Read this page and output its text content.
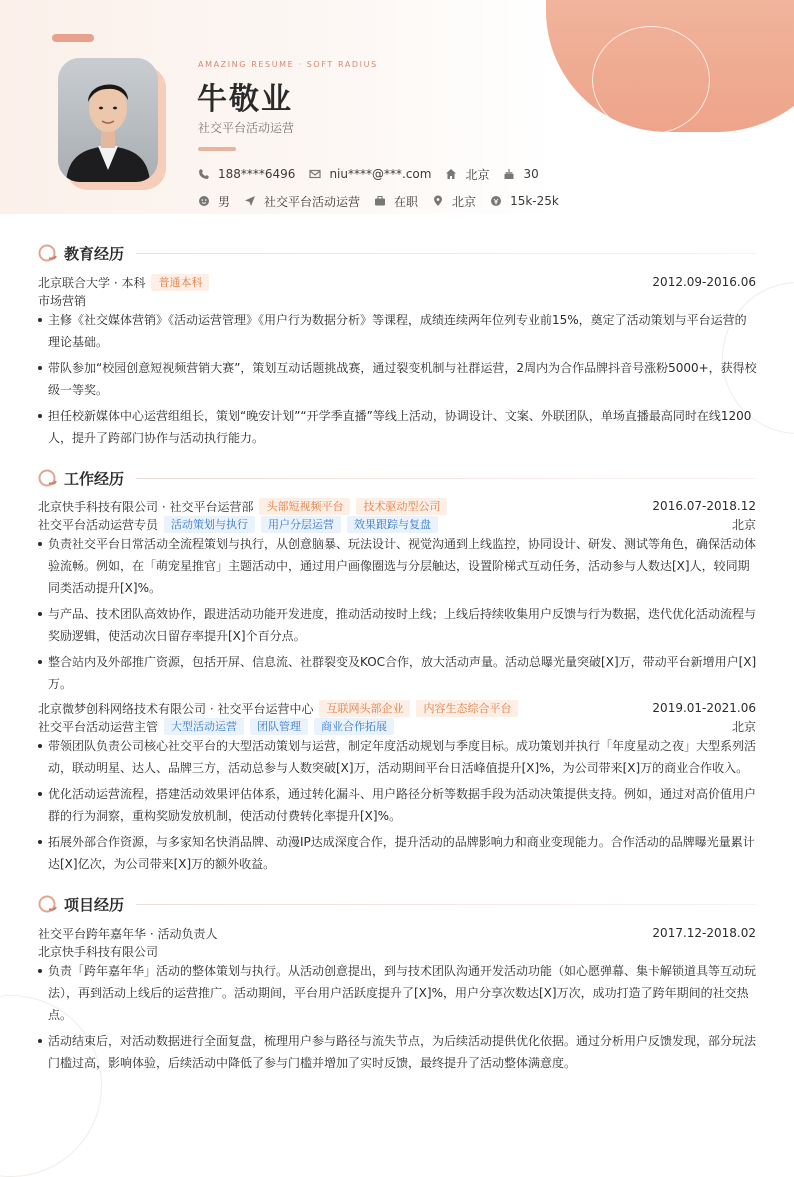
AMAZING RESUME · SOFT RADIUS
牛敬业
社交平台活动运营
188****6496	niu****@***.com	北京	30
男	社交平台活动运营	在职	北京	15k-25k
教育经历
北京联合大学 · 本科	普通本科	2012.09-2016.06
市场营销
主修《社交媒体营销》《活动运营管理》《用户行为数据分析》等课程，成绩连续两年位列专业前15%，奠定了活动策划与平台运营的理论基础。
带队参加“校园创意短视频营销大赛”，策划互动话题挑战赛，通过裂变机制与社群运营，2周内为合作品牌抖音号涨粉5000+，获得校级一等奖。
担任校新媒体中心运营组组长，策划“晚安计划”“开学季直播”等线上活动，协调设计、文案、外联团队，单场直播最高同时在线1200人，提升了跨部门协作与活动执行能力。
工作经历
北京快手科技有限公司 · 社交平台运营部	头部短视频平台	技术驱动型公司	2016.07-2018.12
社交平台活动运营专员	活动策划与执行	用户分层运营	效果跟踪与复盘	北京
负责社交平台日常活动全流程策划与执行，从创意脑暴、玩法设计、视觉沟通到上线监控，协同设计、研发、测试等角色，确保活动体验流畅。例如，在「萌宠星推官」主题活动中，通过用户画像圈选与分层触达，设置阶梯式互动任务，活动参与人数达[X]人，较同期同类活动提升[X]%。
与产品、技术团队高效协作，跟进活动功能开发进度，推动活动按时上线；上线后持续收集用户反馈与行为数据，迭代优化活动流程与奖励逻辑，使活动次日留存率提升[X]个百分点。
整合站内及外部推广资源，包括开屏、信息流、社群裂变及KOC合作，放大活动声量。活动总曝光量突破[X]万，带动平台新增用户[X]万。
北京微梦创科网络技术有限公司 · 社交平台运营中心	互联网头部企业	内容生态综合平台	2019.01-2021.06
社交平台活动运营主管	大型活动运营	团队管理	商业合作拓展	北京
带领团队负责公司核心社交平台的大型活动策划与运营，制定年度活动规划与季度目标。成功策划并执行「年度星动之夜」大型系列活动，联动明星、达人、品牌三方，活动总参与人数突破[X]万，活动期间平台日活峰值提升[X]%，为公司带来[X]万的商业合作收入。
优化活动运营流程，搭建活动效果评估体系，通过转化漏斗、用户路径分析等数据手段为活动决策提供支持。例如，通过对高价值用户群的行为洞察，重构奖励发放机制，使活动付费转化率提升[X]%。
拓展外部合作资源，与多家知名快消品牌、动漫IP达成深度合作，提升活动的品牌影响力和商业变现能力。合作活动的品牌曝光量累计达[X]亿次，为公司带来[X]万的额外收益。
项目经历
社交平台跨年嘉年华 · 活动负责人	2017.12-2018.02
北京快手科技有限公司
负责「跨年嘉年华」活动的整体策划与执行。从活动创意提出，到与技术团队沟通开发活动功能（如心愿弹幕、集卡解锁道具等互动玩法），再到活动上线后的运营推广。活动期间，平台用户活跃度提升了[X]%，用户分享次数达[X]万次，成功打造了跨年期间的社交热点。
活动结束后，对活动数据进行全面复盘，梳理用户参与路径与流失节点，为后续活动提供优化依据。通过分析用户反馈发现，部分玩法门槛过高，影响体验，后续活动中降低了参与门槛并增加了实时反馈，最终提升了活动整体满意度。
